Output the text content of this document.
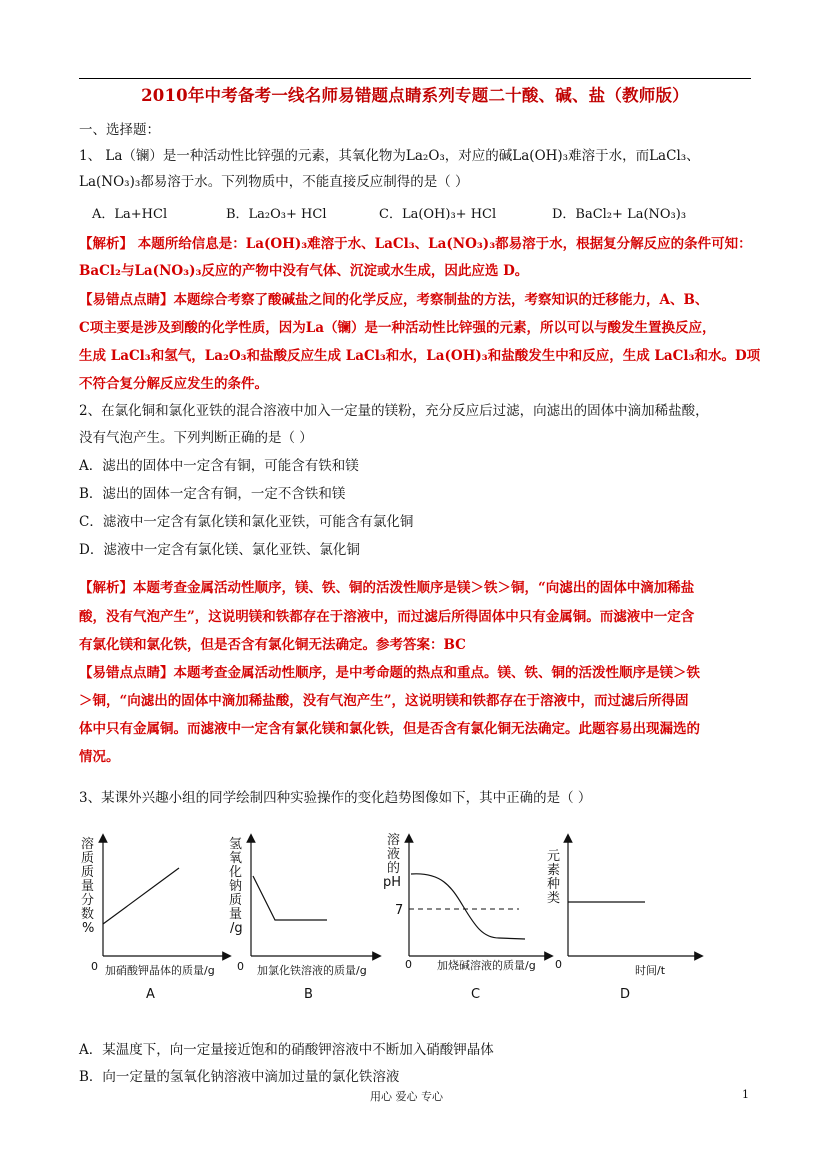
2010年中考备考一线名师易错题点睛系列专题二十酸、碱、盐（教师版）
一、选择题：
1、 La（镧）是一种活动性比锌强的元素，其氧化物为La₂O₃，对应的碱La(OH)₃难溶于水，而LaCl₃、
La(NO₃)₃都易溶于水。下列物质中，不能直接反应制得的是（ ）
A．La+HCl	B．La₂O₃+ HCl	C．La(OH)₃+ HCl	D．BaCl₂+ La(NO₃)₃
【解析】 本题所给信息是：La(OH)₃难溶于水、LaCl₃、La(NO₃)₃都易溶于水，根据复分解反应的条件可知：
BaCl₂与La(NO₃)₃反应的产物中没有气体、沉淀或水生成，因此应选 D。
【易错点点睛】本题综合考察了酸碱盐之间的化学反应，考察制盐的方法，考察知识的迁移能力，A、B、
C项主要是涉及到酸的化学性质，因为La（镧）是一种活动性比锌强的元素，所以可以与酸发生置换反应，
生成 LaCl₃和氢气，La₂O₃和盐酸反应生成 LaCl₃和水，La(OH)₃和盐酸发生中和反应，生成 LaCl₃和水。D项
不符合复分解反应发生的条件。
2、在氯化铜和氯化亚铁的混合溶液中加入一定量的镁粉，充分反应后过滤，向滤出的固体中滴加稀盐酸，
没有气泡产生。下列判断正确的是（ ）
A．滤出的固体中一定含有铜，可能含有铁和镁
B．滤出的固体一定含有铜，一定不含铁和镁
C．滤液中一定含有氯化镁和氯化亚铁，可能含有氯化铜
D．滤液中一定含有氯化镁、氯化亚铁、氯化铜
【解析】本题考查金属活动性顺序，镁、铁、铜的活泼性顺序是镁＞铁＞铜，“向滤出的固体中滴加稀盐
酸，没有气泡产生”，这说明镁和铁都存在于溶液中，而过滤后所得固体中只有金属铜。而滤液中一定含
有氯化镁和氯化铁，但是否含有氯化铜无法确定。参考答案：BC
【易错点点睛】本题考查金属活动性顺序，是中考命题的热点和重点。镁、铁、铜的活泼性顺序是镁＞铁
＞铜，“向滤出的固体中滴加稀盐酸，没有气泡产生”，这说明镁和铁都存在于溶液中，而过滤后所得固
体中只有金属铜。而滤液中一定含有氯化镁和氯化铁，但是否含有氯化铜无法确定。此题容易出现漏选的
情况。
3、某课外兴趣小组的同学绘制四种实验操作的变化趋势图像如下，其中正确的是（ ）
溶
质
质
量
分
数
%
0 加硝酸钾晶体的质量/g
A
氢
氧
化
钠
质
量
/g
0 加氯化铁溶液的质量/g
B
溶
液
的
pH
7
0 加烧碱溶液的质量/g
C
元
素
种
类
0	时间/t
D
A．某温度下，向一定量接近饱和的硝酸钾溶液中不断加入硝酸钾晶体
B．向一定量的氢氧化钠溶液中滴加过量的氯化铁溶液
用心 爱心 专心	1
